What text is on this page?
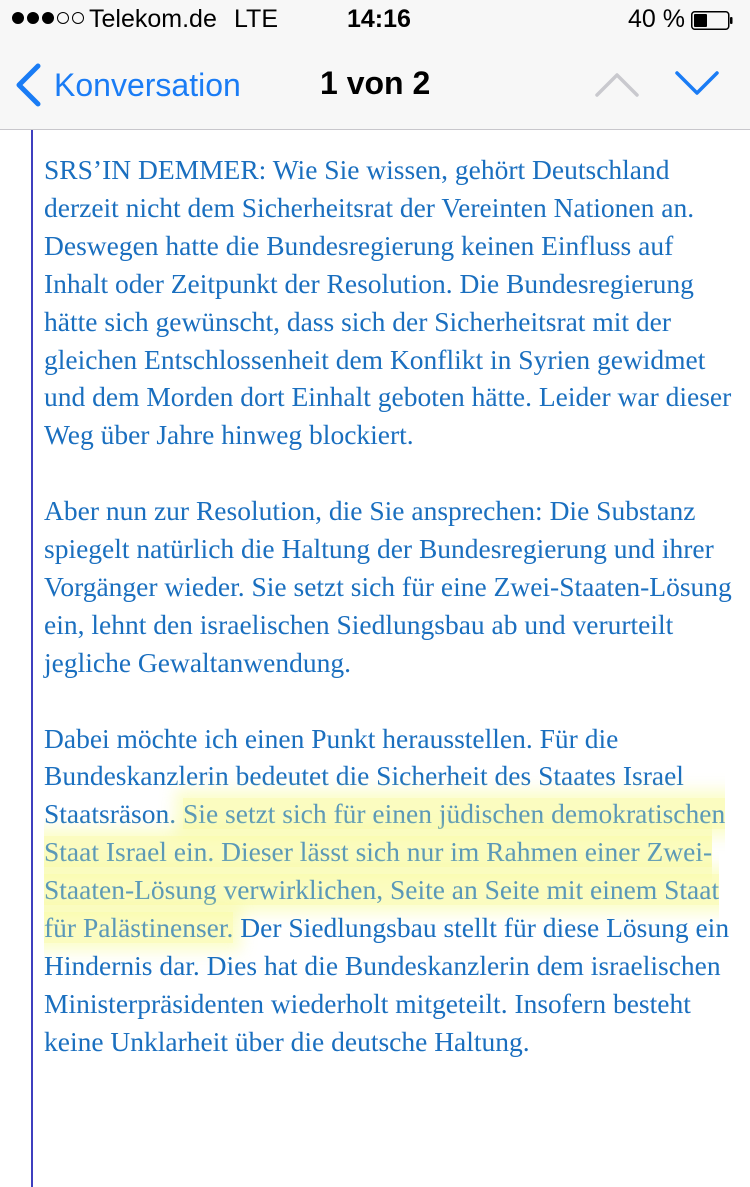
Telekom.de LTE	14:16	40 %
Konversation 1 von 2

SRS’IN DEMMER: Wie Sie wissen, gehört Deutschland derzeit nicht dem Sicherheitsrat der Vereinten Nationen an. Deswegen hatte die Bundesregierung keinen Einfluss auf Inhalt oder Zeitpunkt der Resolution. Die Bundesregierung hätte sich gewünscht, dass sich der Sicherheitsrat mit der gleichen Entschlossenheit dem Konflikt in Syrien gewidmet und dem Morden dort Einhalt geboten hätte. Leider war dieser Weg über Jahre hinweg blockiert.

Aber nun zur Resolution, die Sie ansprechen: Die Substanz spiegelt natürlich die Haltung der Bundesregierung und ihrer Vorgänger wieder. Sie setzt sich für eine Zwei-Staaten-Lösung ein, lehnt den israelischen Siedlungsbau ab und verurteilt jegliche Gewaltanwendung.

Dabei möchte ich einen Punkt herausstellen. Für die Bundeskanzlerin bedeutet die Sicherheit des Staates Israel Staatsräson. Sie setzt sich für einen jüdischen demokratischen Staat Israel ein. Dieser lässt sich nur im Rahmen einer Zwei-Staaten-Lösung verwirklichen, Seite an Seite mit einem Staat für Palästinenser. Der Siedlungsbau stellt für diese Lösung ein Hindernis dar. Dies hat die Bundeskanzlerin dem israelischen Ministerpräsidenten wiederholt mitgeteilt. Insofern besteht keine Unklarheit über die deutsche Haltung.
